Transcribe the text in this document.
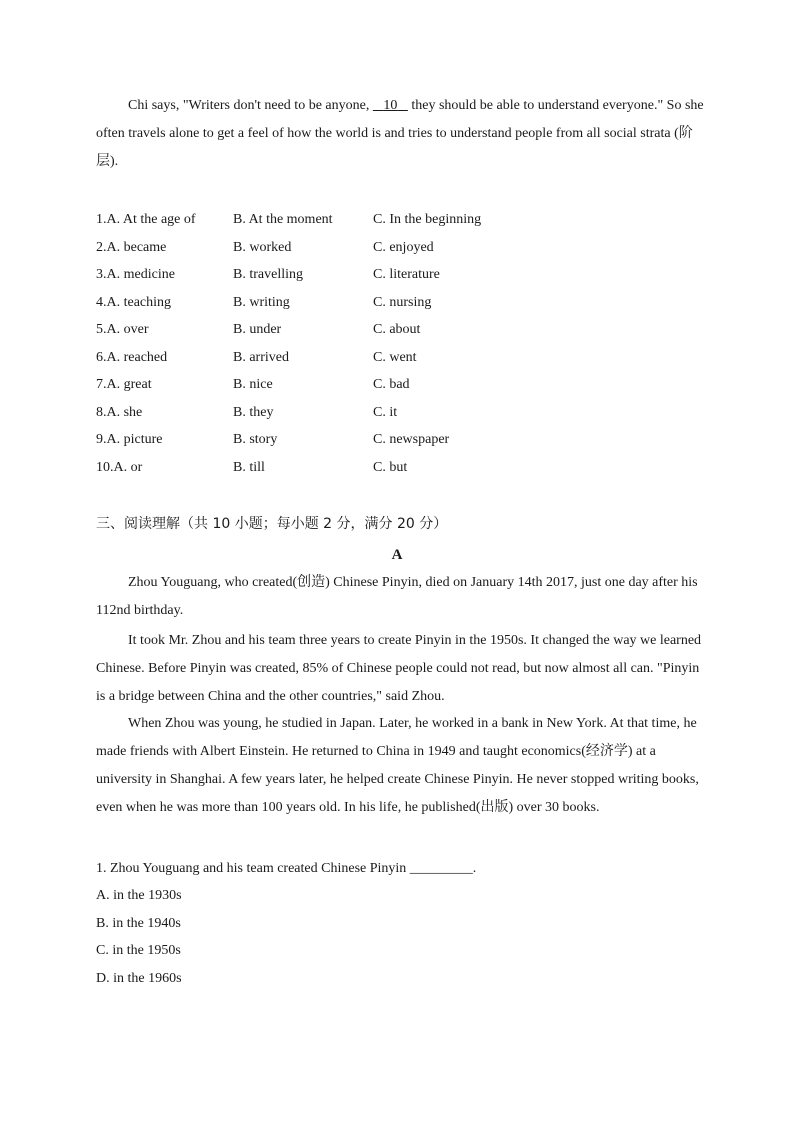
Chi says, "Writers don't need to be anyone,    10    they should be able to understand everyone." So she often travels alone to get a feel of how the world is and tries to understand people from all social strata (阶层).

1.A. At the age of	B. At the moment	C. In the beginning
2.A. became	B. worked	C. enjoyed
3.A. medicine	B. travelling	C. literature
4.A. teaching	B. writing	C. nursing
5.A. over	B. under	C. about
6.A. reached	B. arrived	C. went
7.A. great	B. nice	C. bad
8.A. she	B. they	C. it
9.A. picture	B. story	C. newspaper
10.A. or	B. till	C. but

三、阅读理解（共 10 小题；每小题 2 分，满分 20 分）

A

Zhou Youguang, who created(创造) Chinese Pinyin, died on January 14th 2017, just one day after his 112nd birthday.

It took Mr. Zhou and his team three years to create Pinyin in the 1950s. It changed the way we learned Chinese. Before Pinyin was created, 85% of Chinese people could not read, but now almost all can. "Pinyin is a bridge between China and the other countries," said Zhou.

When Zhou was young, he studied in Japan. Later, he worked in a bank in New York. At that time, he made friends with Albert Einstein. He returned to China in 1949 and taught economics(经济学) at a university in Shanghai. A few years later, he helped create Chinese Pinyin. He never stopped writing books, even when he was more than 100 years old. In his life, he published(出版) over 30 books.

1. Zhou Youguang and his team created Chinese Pinyin _________.

A. in the 1930s

B. in the 1940s

C. in the 1950s

D. in the 1960s
